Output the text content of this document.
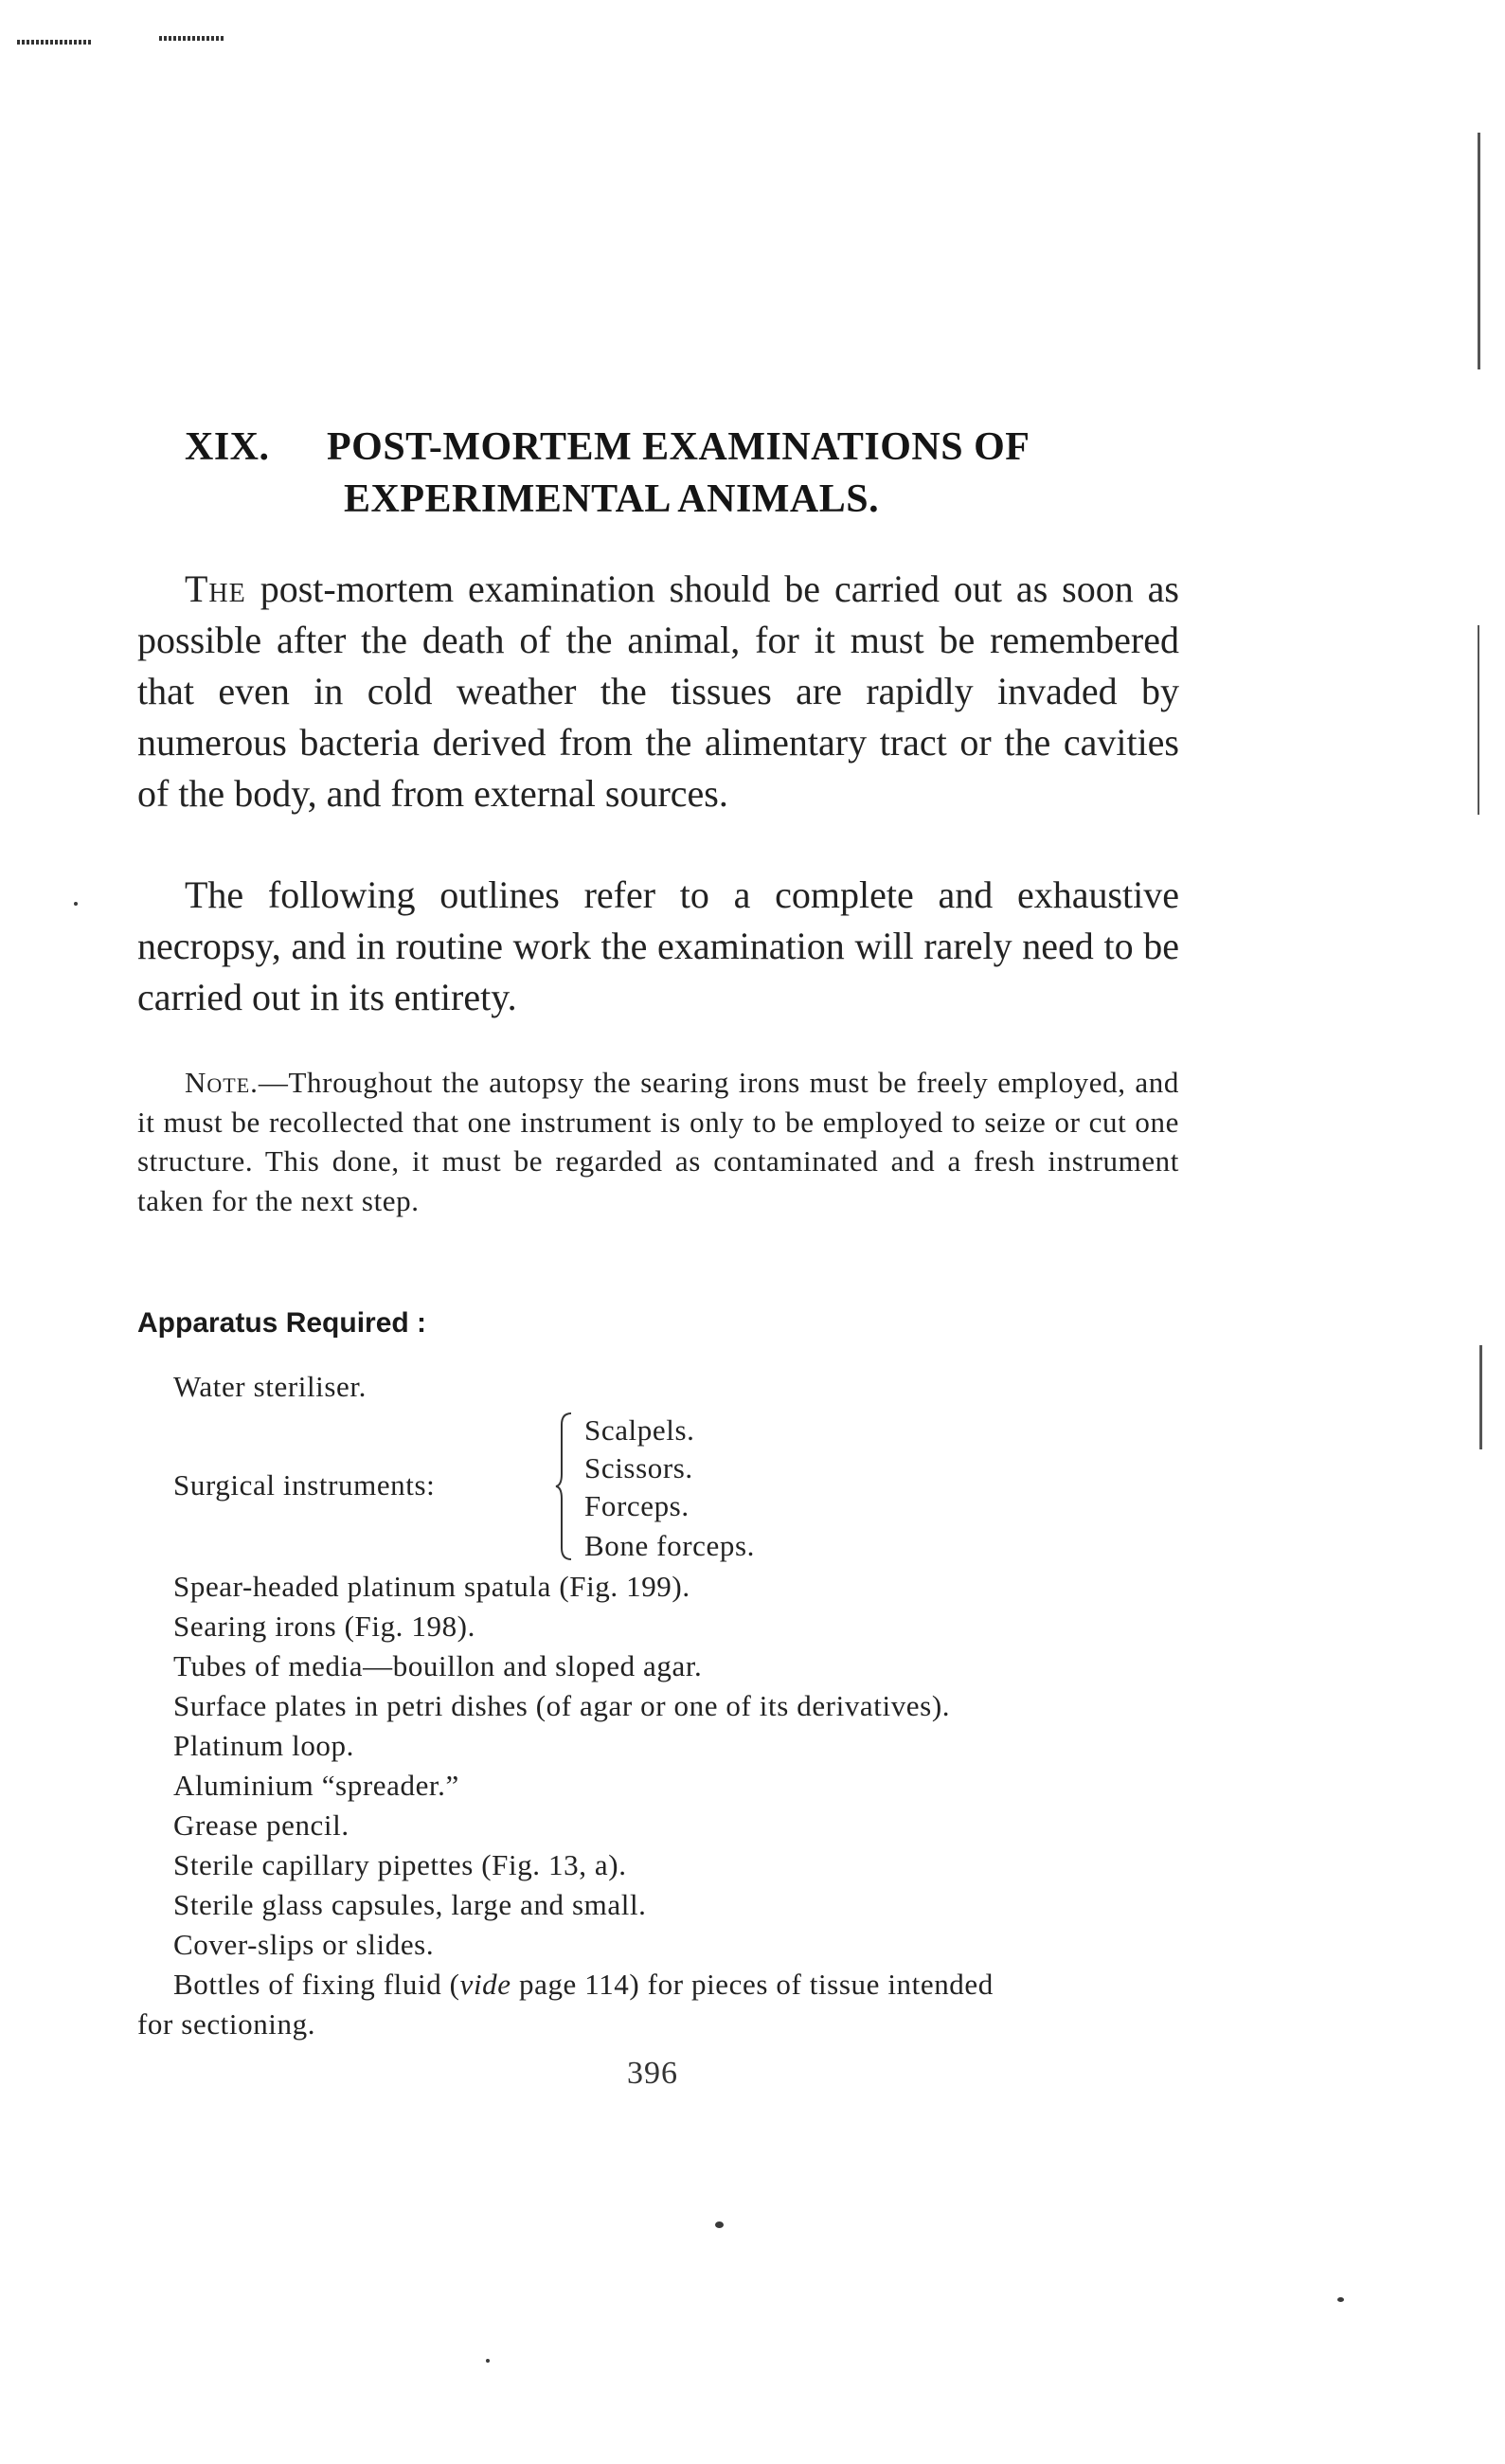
XIX. POST-MORTEM EXAMINATIONS OF
EXPERIMENTAL ANIMALS.
The post-mortem examination should be carried out as soon as possible after the death of the animal, for it must be remembered that even in cold weather the tissues are rapidly invaded by numerous bacteria derived from the alimentary tract or the cavities of the body, and from external sources.
The following outlines refer to a complete and exhaustive necropsy, and in routine work the examination will rarely need to be carried out in its entirety.
Note.—Throughout the autopsy the searing irons must be freely employed, and it must be recollected that one instrument is only to be employed to seize or cut one structure. This done, it must be regarded as contaminated and a fresh instrument taken for the next step.
Apparatus Required :
Water steriliser.
Surgical instruments:
Scalpels.
Scissors.
Forceps.
Bone forceps.
Spear-headed platinum spatula (Fig. 199).
Searing irons (Fig. 198).
Tubes of media—bouillon and sloped agar.
Surface plates in petri dishes (of agar or one of its derivatives).
Platinum loop.
Aluminium “spreader.”
Grease pencil.
Sterile capillary pipettes (Fig. 13, a).
Sterile glass capsules, large and small.
Cover-slips or slides.
Bottles of fixing fluid (vide page 114) for pieces of tissue intended
for sectioning.
396
